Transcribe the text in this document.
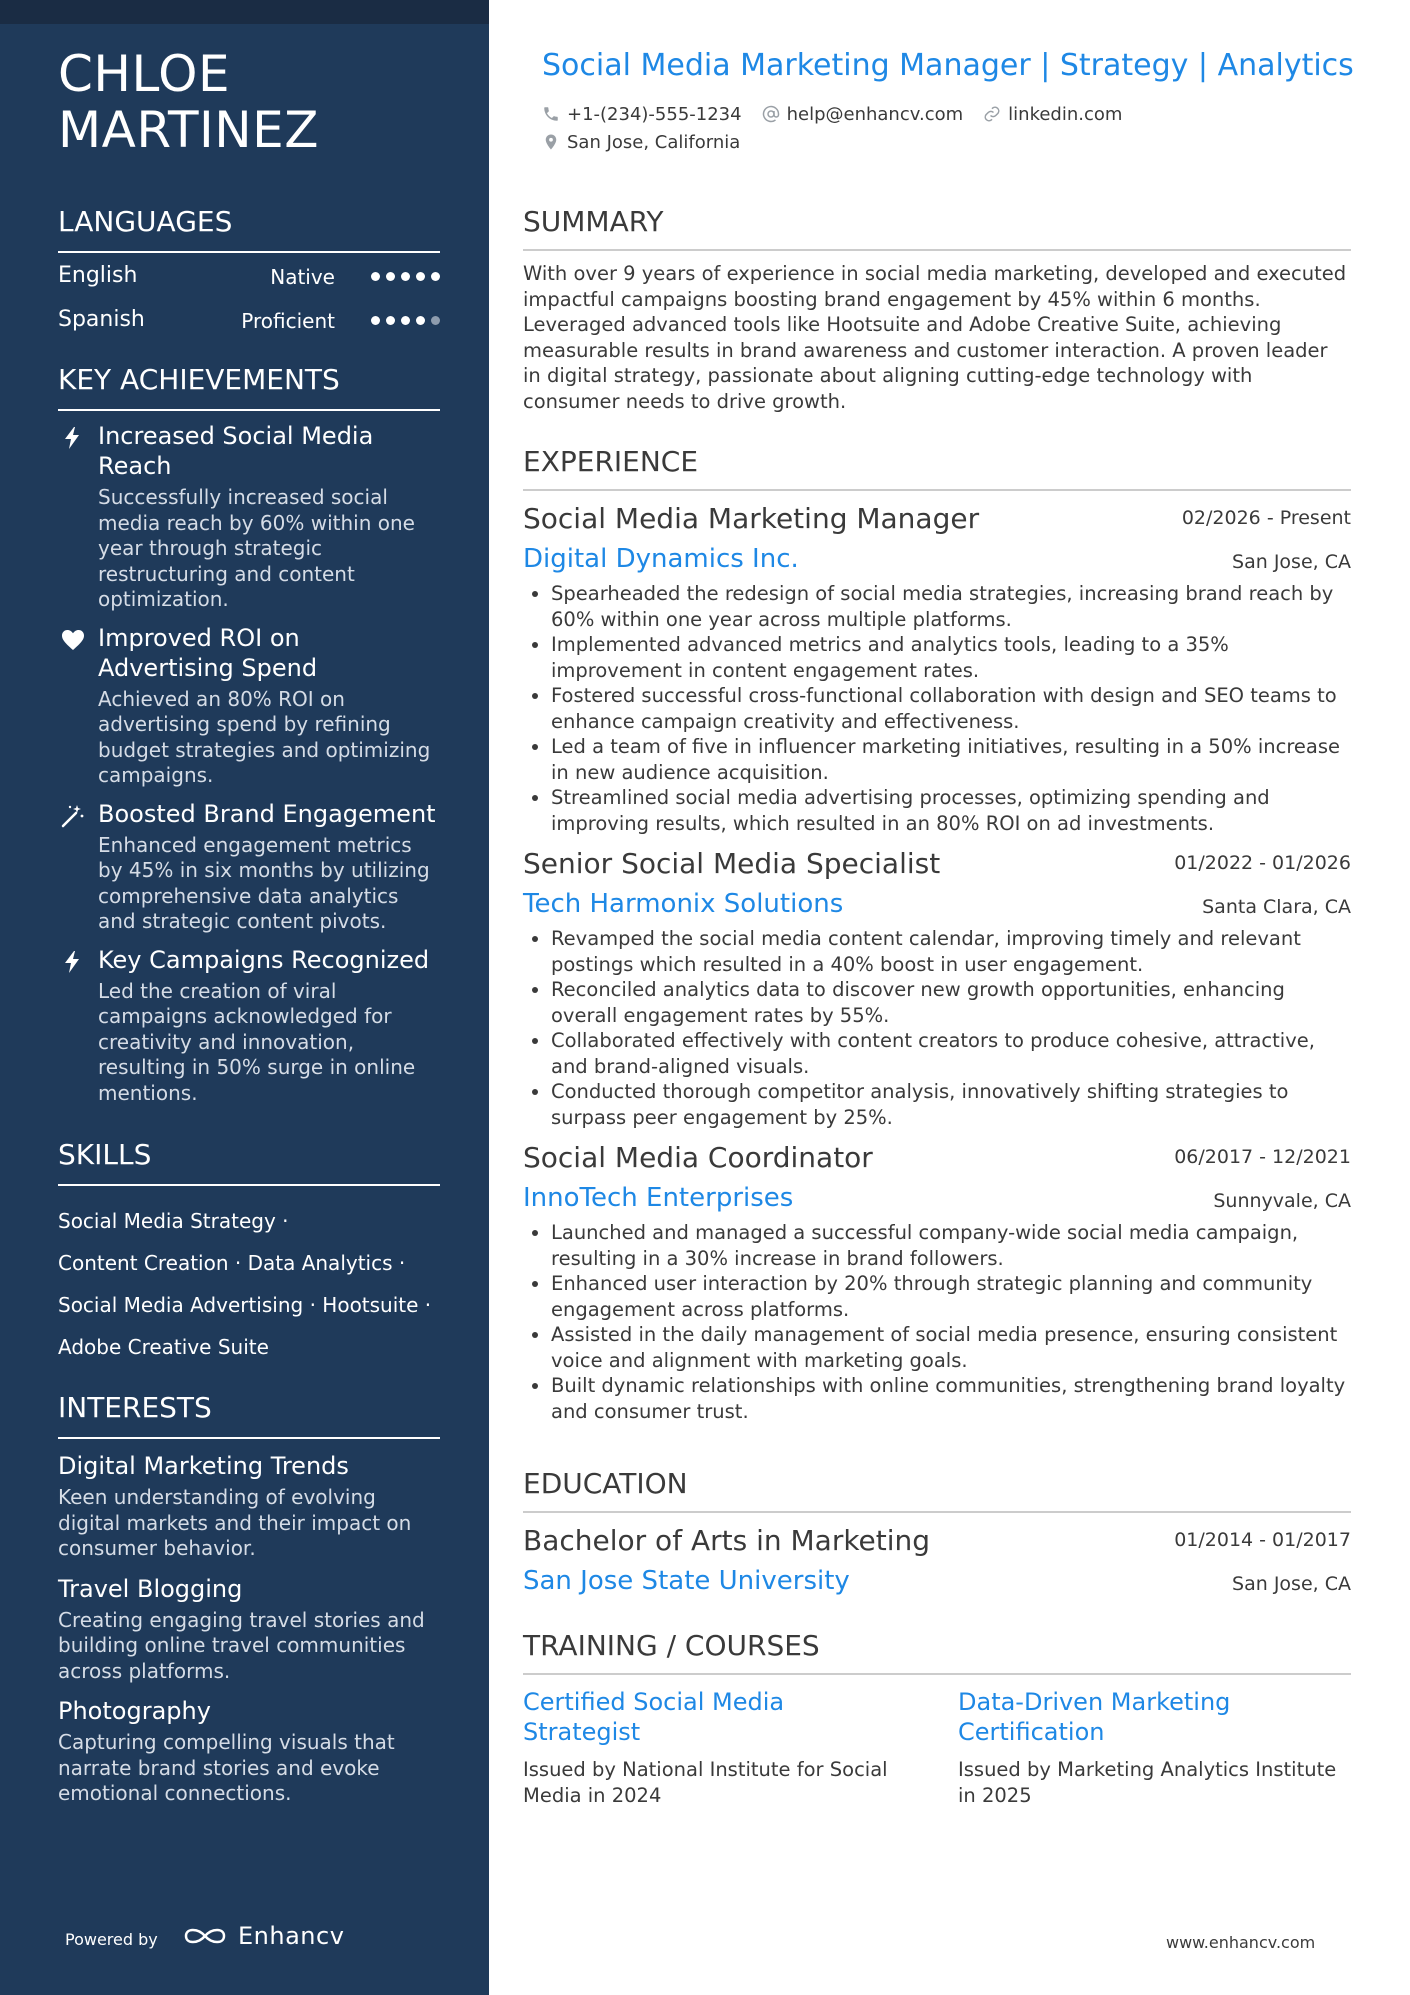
CHLOE
MARTINEZ
LANGUAGES
English	Native
Spanish	Proficient
KEY ACHIEVEMENTS
Increased Social Media Reach
Successfully increased social media reach by 60% within one year through strategic restructuring and content optimization.
Improved ROI on Advertising Spend
Achieved an 80% ROI on advertising spend by refining budget strategies and optimizing campaigns.
Boosted Brand Engagement
Enhanced engagement metrics by 45% in six months by utilizing comprehensive data analytics and strategic content pivots.
Key Campaigns Recognized
Led the creation of viral campaigns acknowledged for creativity and innovation, resulting in 50% surge in online mentions.
SKILLS
Social Media Strategy ·
Content Creation · Data Analytics ·
Social Media Advertising · Hootsuite ·
Adobe Creative Suite
INTERESTS
Digital Marketing Trends
Keen understanding of evolving digital markets and their impact on consumer behavior.
Travel Blogging
Creating engaging travel stories and building online travel communities across platforms.
Photography
Capturing compelling visuals that narrate brand stories and evoke emotional connections.
Powered by	Enhancv
Social Media Marketing Manager | Strategy | Analytics
+1-(234)-555-1234	help@enhancv.com	linkedin.com
San Jose, California
SUMMARY
With over 9 years of experience in social media marketing, developed and executed impactful campaigns boosting brand engagement by 45% within 6 months. Leveraged advanced tools like Hootsuite and Adobe Creative Suite, achieving measurable results in brand awareness and customer interaction. A proven leader in digital strategy, passionate about aligning cutting-edge technology with consumer needs to drive growth.
EXPERIENCE
Social Media Marketing Manager	02/2026 - Present
Digital Dynamics Inc.	San Jose, CA
• Spearheaded the redesign of social media strategies, increasing brand reach by 60% within one year across multiple platforms.
• Implemented advanced metrics and analytics tools, leading to a 35% improvement in content engagement rates.
• Fostered successful cross-functional collaboration with design and SEO teams to enhance campaign creativity and effectiveness.
• Led a team of five in influencer marketing initiatives, resulting in a 50% increase in new audience acquisition.
• Streamlined social media advertising processes, optimizing spending and improving results, which resulted in an 80% ROI on ad investments.
Senior Social Media Specialist	01/2022 - 01/2026
Tech Harmonix Solutions	Santa Clara, CA
• Revamped the social media content calendar, improving timely and relevant postings which resulted in a 40% boost in user engagement.
• Reconciled analytics data to discover new growth opportunities, enhancing overall engagement rates by 55%.
• Collaborated effectively with content creators to produce cohesive, attractive, and brand-aligned visuals.
• Conducted thorough competitor analysis, innovatively shifting strategies to surpass peer engagement by 25%.
Social Media Coordinator	06/2017 - 12/2021
InnoTech Enterprises	Sunnyvale, CA
• Launched and managed a successful company-wide social media campaign, resulting in a 30% increase in brand followers.
• Enhanced user interaction by 20% through strategic planning and community engagement across platforms.
• Assisted in the daily management of social media presence, ensuring consistent voice and alignment with marketing goals.
• Built dynamic relationships with online communities, strengthening brand loyalty and consumer trust.
EDUCATION
Bachelor of Arts in Marketing	01/2014 - 01/2017
San Jose State University	San Jose, CA
TRAINING / COURSES
Certified Social Media Strategist
Issued by National Institute for Social Media in 2024
Data-Driven Marketing Certification
Issued by Marketing Analytics Institute in 2025
www.enhancv.com
